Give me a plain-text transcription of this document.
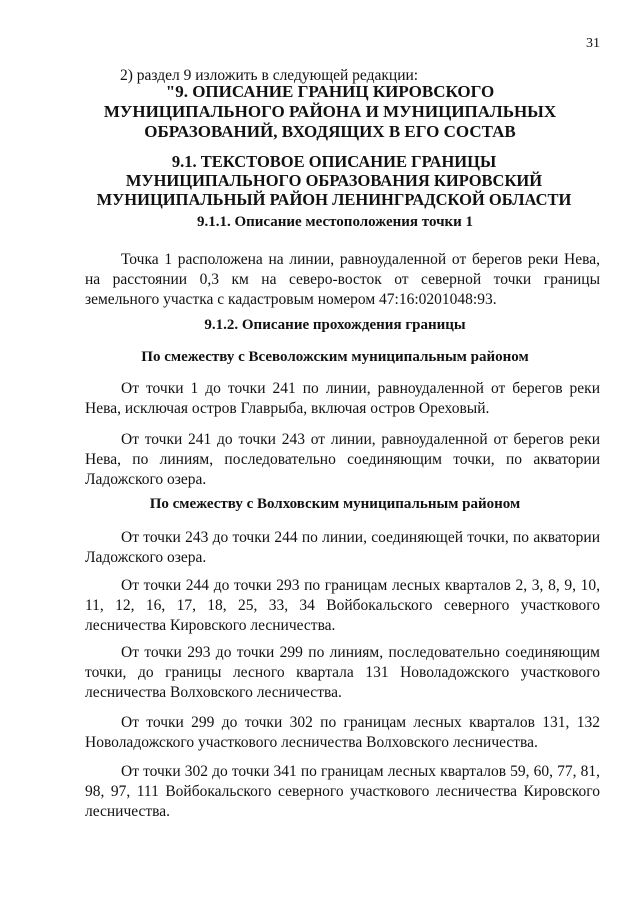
31

2) раздел 9 изложить в следующей редакции:

"9. ОПИСАНИЕ ГРАНИЦ КИРОВСКОГО МУНИЦИПАЛЬНОГО РАЙОНА И МУНИЦИПАЛЬНЫХ ОБРАЗОВАНИЙ, ВХОДЯЩИХ В ЕГО СОСТАВ
9.1. ТЕКСТОВОЕ ОПИСАНИЕ ГРАНИЦЫ МУНИЦИПАЛЬНОГО ОБРАЗОВАНИЯ КИРОВСКИЙ МУНИЦИПАЛЬНЫЙ РАЙОН ЛЕНИНГРАДСКОЙ ОБЛАСТИ
9.1.1. Описание местоположения точки 1

Точка 1 расположена на линии, равноудаленной от берегов реки Нева, на расстоянии 0,3 км на северо-восток от северной точки границы земельного участка с кадастровым номером 47:16:0201048:93.

9.1.2. Описание прохождения границы
По смежеству с Всеволожским муниципальным районом

От точки 1 до точки 241 по линии, равноудаленной от берегов реки Нева, исключая остров Главрыба, включая остров Ореховый.

От точки 241 до точки 243 от линии, равноудаленной от берегов реки Нева, по линиям, последовательно соединяющим точки, по акватории Ладожского озера.

По смежеству с Волховским муниципальным районом

От точки 243 до точки 244 по линии, соединяющей точки, по акватории Ладожского озера.

От точки 244 до точки 293 по границам лесных кварталов 2, 3, 8, 9, 10, 11, 12, 16, 17, 18, 25, 33, 34 Войбокальского северного участкового лесничества Кировского лесничества.

От точки 293 до точки 299 по линиям, последовательно соединяющим точки, до границы лесного квартала 131 Новоладожского участкового лесничества Волховского лесничества.

От точки 299 до точки 302 по границам лесных кварталов 131, 132 Новоладожского участкового лесничества Волховского лесничества.

От точки 302 до точки 341 по границам лесных кварталов 59, 60, 77, 81, 98, 97, 111 Войбокальского северного участкового лесничества Кировского лесничества.
